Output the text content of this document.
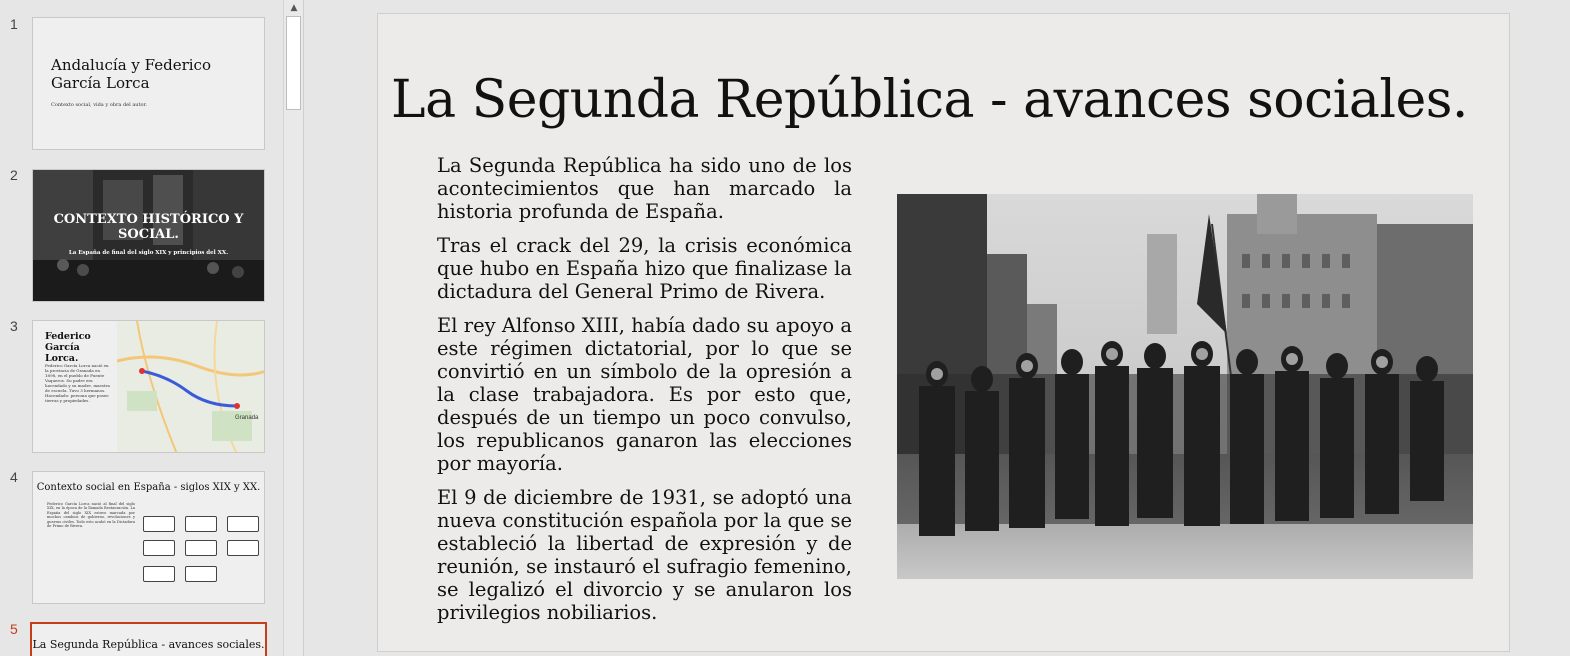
1
Andalucía y Federico García Lorca
Contexto social, vida y obra del autor.
2
CONTEXTO HISTÓRICO Y SOCIAL.
La España de final del siglo XIX y principios del XX.
3
Federico García Lorca.
Federico García Lorca nació en la provincia de Granada en 1898, en el pueblo de Fuente Vaqueros. Su padre era hacendado y su madre, maestra de escuela. Tuvo 3 hermanos. Hacendado: persona que posee tierras y propiedades.
Granada
4
Contexto social en España - siglos XIX y XX.
Federico García Lorca nació al final del siglo XIX, en la época de la llamada Restauración. La España del siglo XIX estuvo marcada por muchos cambios de gobierno, revoluciones y guerras civiles. Todo esto acabó en la Dictadura de Primo de Rivera.
5
La Segunda República - avances sociales.
▲
La Segunda República - avances sociales.

La Segunda República ha sido uno de los acontecimientos que han marcado la historia profunda de España.

Tras el crack del 29, la crisis económica que hubo en España hizo que finalizase la dictadura del General Primo de Rivera.

El rey Alfonso XIII, había dado su apoyo a este régimen dictatorial, por lo que se convirtió en un símbolo de la opresión a la clase trabajadora. Es por esto que, después de un tiempo un poco convulso, los republicanos ganaron las elecciones por mayoría.

El 9 de diciembre de 1931, se adoptó una nueva constitución española por la que se estableció la libertad de expresión y de reunión, se instauró el sufragio femenino, se legalizó el divorcio y se anularon los privilegios nobiliarios.
